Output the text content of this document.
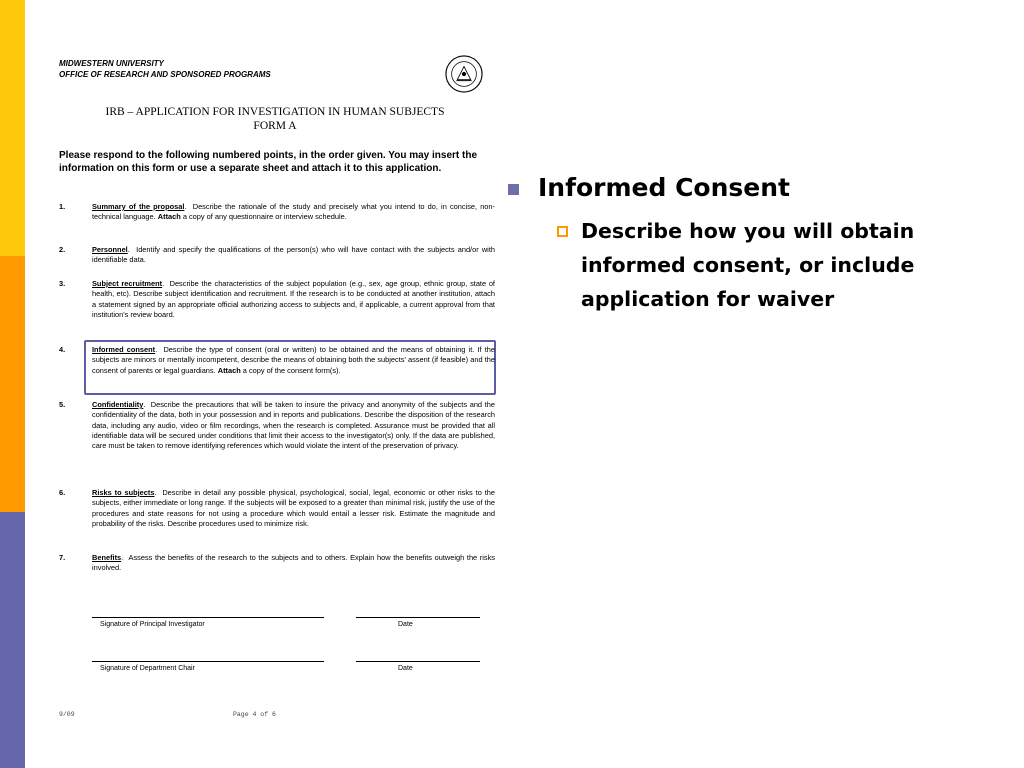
MIDWESTERN UNIVERSITY
OFFICE OF RESEARCH AND SPONSORED PROGRAMS
IRB – APPLICATION FOR INVESTIGATION IN HUMAN SUBJECTS
FORM A
Please respond to the following numbered points, in the order given. You may insert the information on this form or use a separate sheet and attach it to this application.
1.	Summary of the proposal.  Describe the rationale of the study and precisely what you intend to do, in concise, non-technical language. Attach a copy of any questionnaire or interview schedule.
2.	Personnel.  Identify and specify the qualifications of the person(s) who will have contact with the subjects and/or with identifiable data.
3.	Subject recruitment.  Describe the characteristics of the subject population (e.g., sex, age group, ethnic group, state of health, etc). Describe subject identification and recruitment. If the research is to be conducted at another institution, attach a statement signed by an appropriate official authorizing access to subjects and, if applicable, a current approval from that institution's review board.
4.	Informed consent.  Describe the type of consent (oral or written) to be obtained and the means of obtaining it. If the subjects are minors or mentally incompetent, describe the means of obtaining both the subjects' assent (if feasible) and the consent of parents or legal guardians. Attach a copy of the consent form(s).
5.	Confidentiality.  Describe the precautions that will be taken to insure the privacy and anonymity of the subjects and the confidentiality of the data, both in your possession and in reports and publications. Describe the disposition of the research data, including any audio, video or film recordings, when the research is completed. Assurance must be provided that all identifiable data will be secured under conditions that limit their access to the investigator(s) only. If the data are published, care must be taken to remove identifying references which would violate the intent of the preservation of privacy.
6.	Risks to subjects.  Describe in detail any possible physical, psychological, social, legal, economic or other risks to the subjects, either immediate or long range. If the subjects will be exposed to a greater than minimal risk, justify the use of the procedures and state reasons for not using a procedure which would entail a lesser risk. Estimate the magnitude and probability of the risks. Describe procedures used to minimize risk.
7.	Benefits.  Assess the benefits of the research to the subjects and to others. Explain how the benefits outweigh the risks involved.
Signature of Principal Investigator	Date
Signature of Department Chair	Date
9/09	Page 4 of 6
Informed Consent
Describe how you will obtain informed consent, or include application for waiver
